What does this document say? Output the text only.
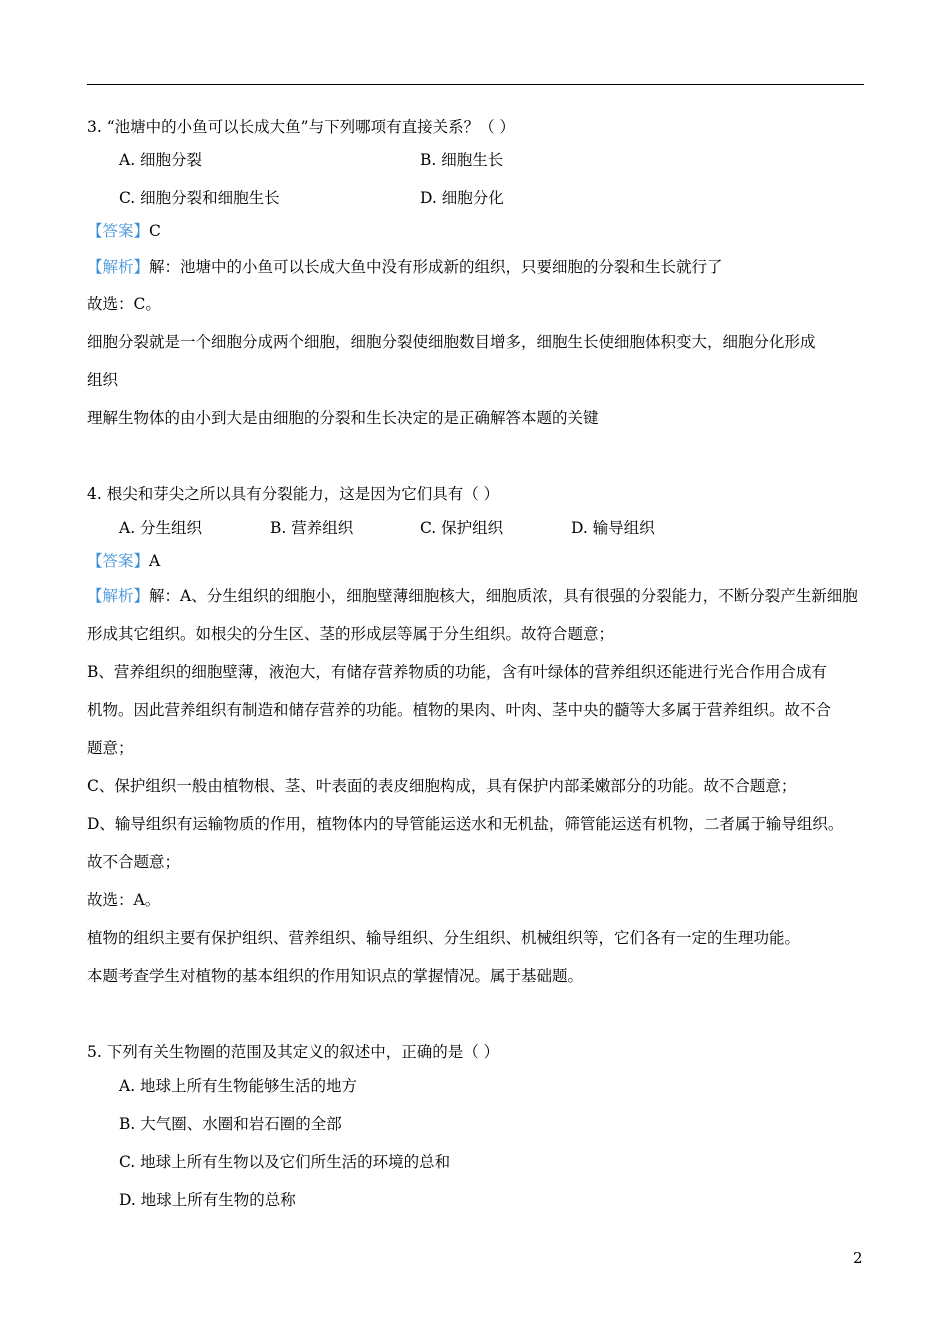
3. “池塘中的小鱼可以长成大鱼”与下列哪项有直接关系？（ ）
A. 细胞分裂	B. 细胞生长
C. 细胞分裂和细胞生长	D. 细胞分化
【答案】C
【解析】解：池塘中的小鱼可以长成大鱼中没有形成新的组织，只要细胞的分裂和生长就行了
故选：C。
细胞分裂就是一个细胞分成两个细胞，细胞分裂使细胞数目增多，细胞生长使细胞体积变大，细胞分化形成
组织
理解生物体的由小到大是由细胞的分裂和生长决定的是正确解答本题的关键
4. 根尖和芽尖之所以具有分裂能力，这是因为它们具有（ ）
A. 分生组织	B. 营养组织	C. 保护组织	D. 输导组织
【答案】A
【解析】解：A、分生组织的细胞小，细胞壁薄细胞核大，细胞质浓，具有很强的分裂能力，不断分裂产生新细胞
形成其它组织。如根尖的分生区、茎的形成层等属于分生组织。故符合题意；
B、营养组织的细胞壁薄，液泡大，有储存营养物质的功能，含有叶绿体的营养组织还能进行光合作用合成有
机物。因此营养组织有制造和储存营养的功能。植物的果肉、叶肉、茎中央的髓等大多属于营养组织。故不合
题意；
C、保护组织一般由植物根、茎、叶表面的表皮细胞构成，具有保护内部柔嫩部分的功能。故不合题意；
D、输导组织有运输物质的作用，植物体内的导管能运送水和无机盐，筛管能运送有机物，二者属于输导组织。
故不合题意；
故选：A。
植物的组织主要有保护组织、营养组织、输导组织、分生组织、机械组织等，它们各有一定的生理功能。
本题考查学生对植物的基本组织的作用知识点的掌握情况。属于基础题。
5. 下列有关生物圈的范围及其定义的叙述中，正确的是（ ）
A. 地球上所有生物能够生活的地方
B. 大气圈、水圈和岩石圈的全部
C. 地球上所有生物以及它们所生活的环境的总和
D. 地球上所有生物的总称
2
